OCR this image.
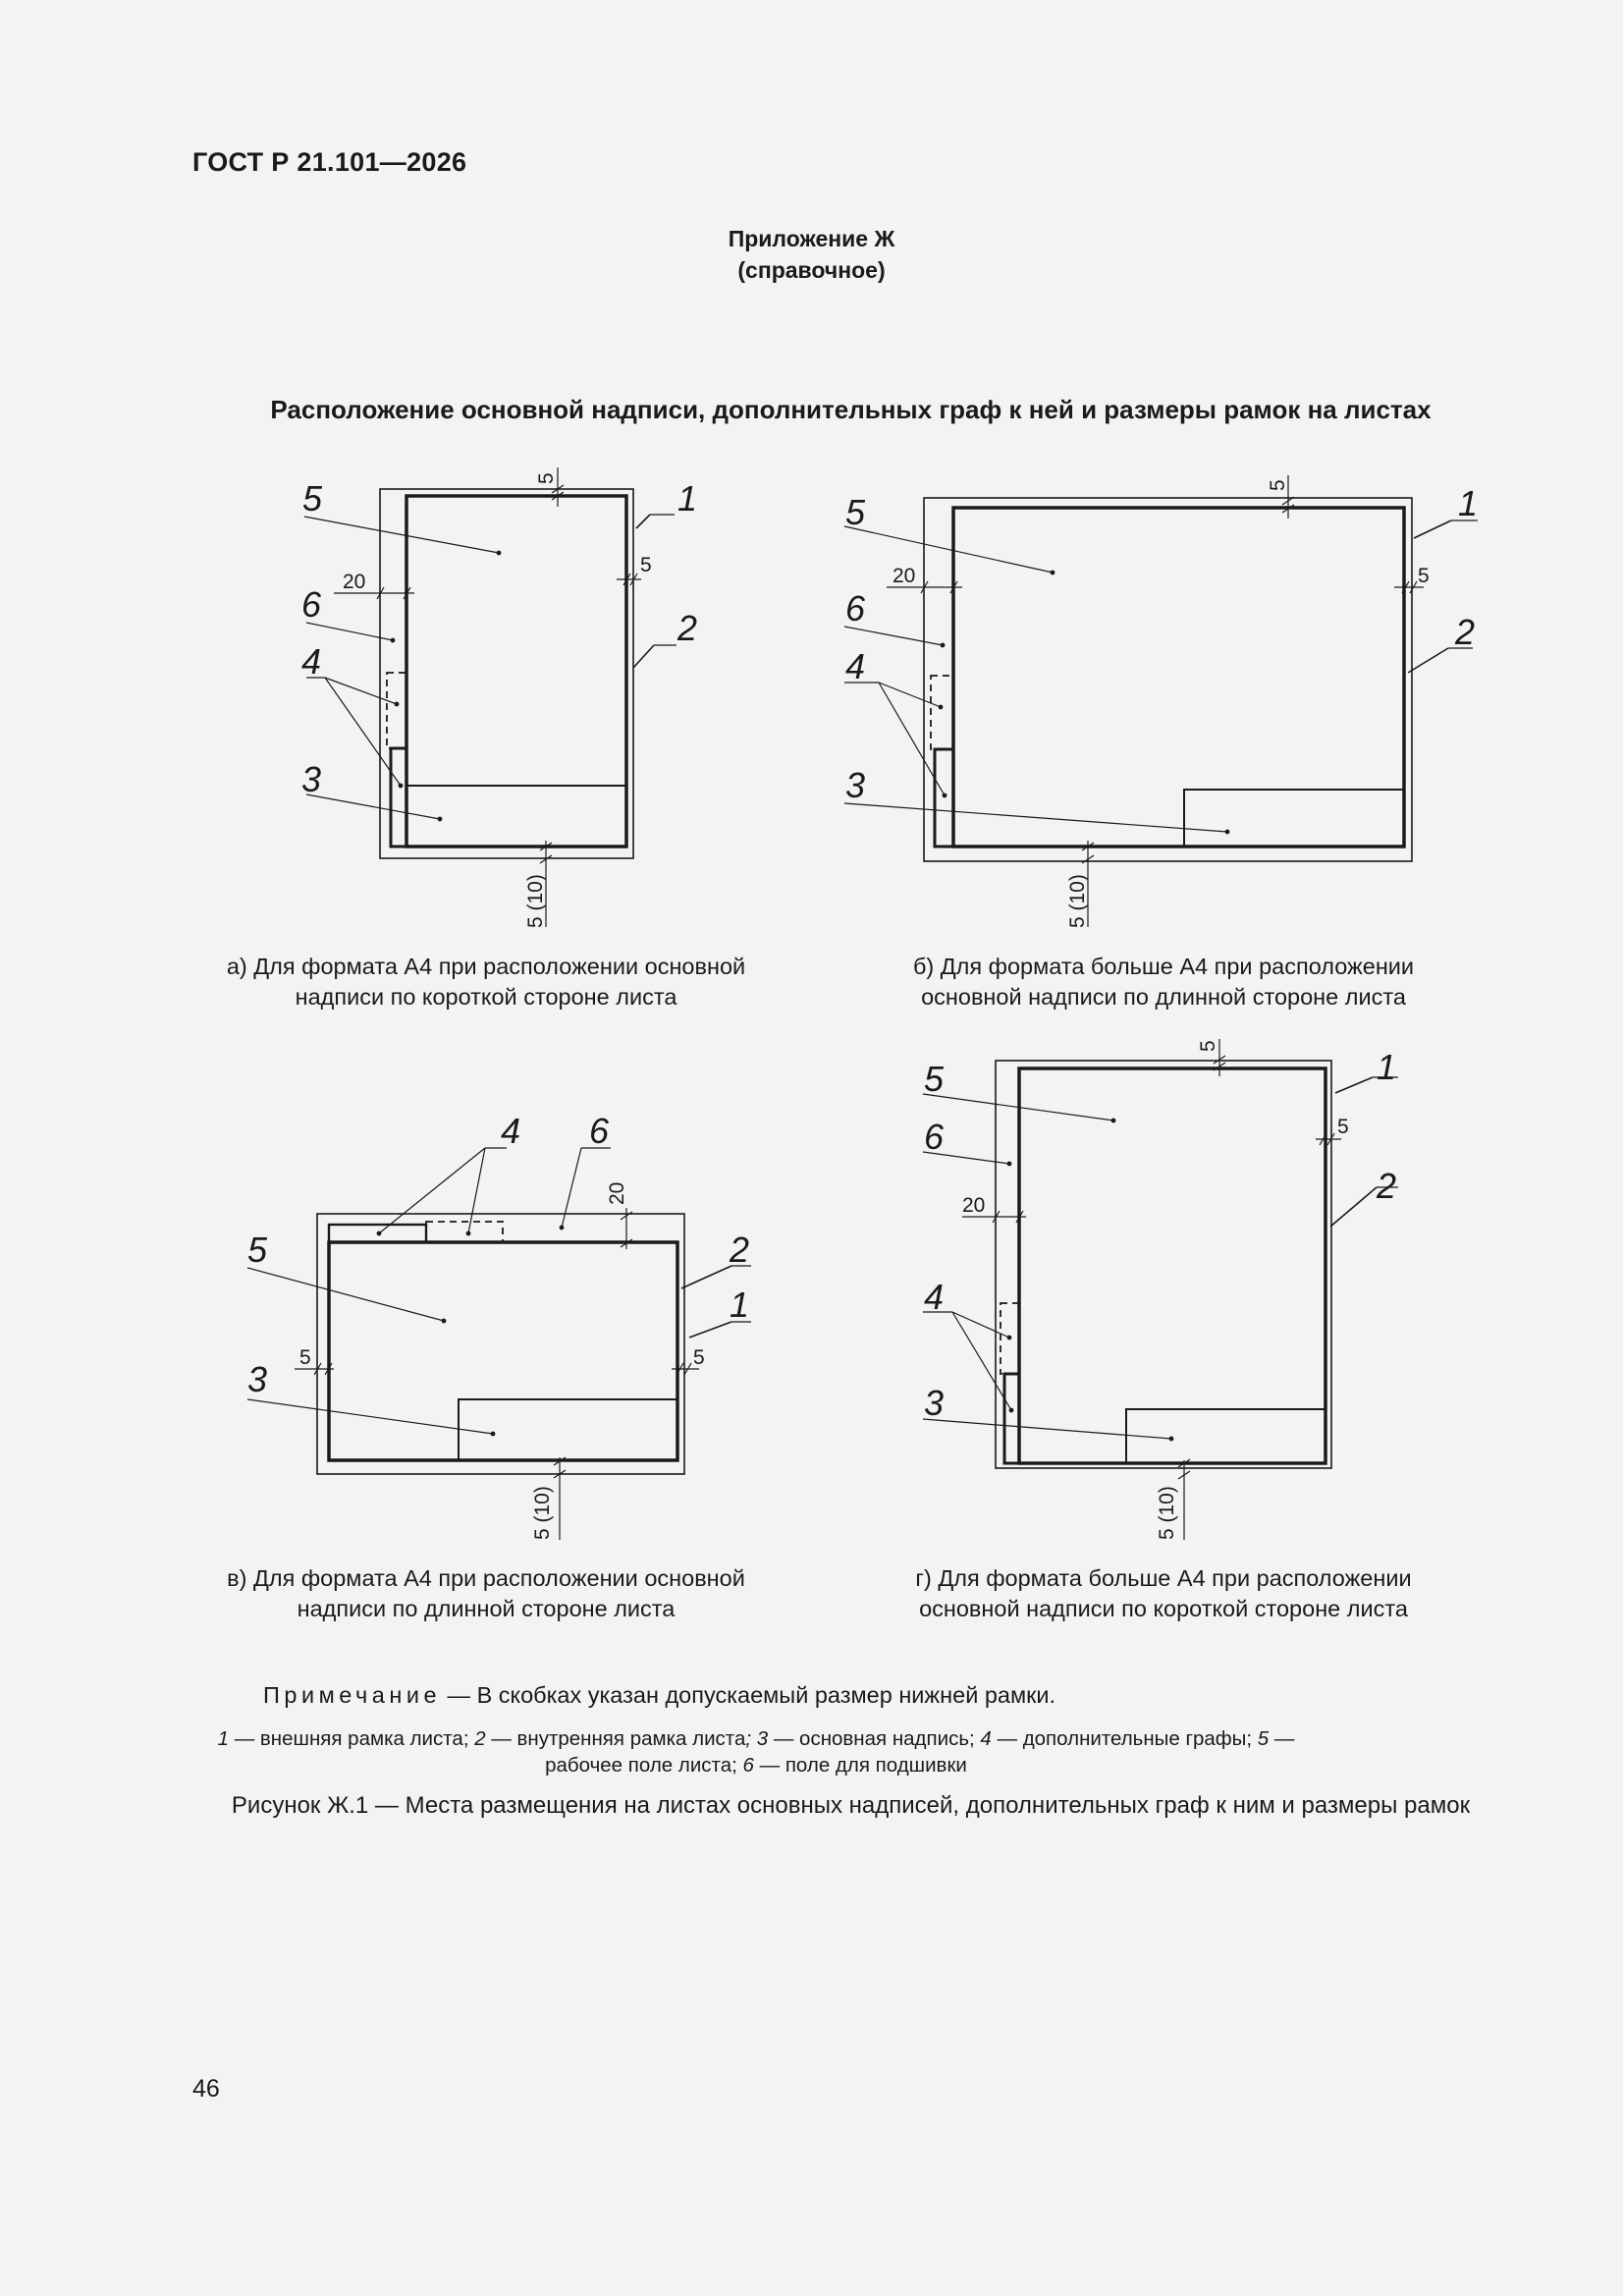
ГОСТ Р 21.101—2026
Приложение Ж
(справочное)
Расположение основной надписи, дополнительных граф к ней и размеры рамок на листах
5
6
4
3
1
2
20
5
5
5 (10)
5
6
4
3
1
2
20	5
5
5 (10)
5
3
4 6
2
1
5	5
20
5 (10)
5
6
4
3
1
2
20
5
5
5 (10)
а) Для формата А4 при расположении основной
надписи по короткой стороне листа
б) Для формата больше А4 при расположении
основной надписи по длинной стороне листа
в) Для формата А4 при расположении основной
надписи по длинной стороне листа
г) Для формата больше А4 при расположении
основной надписи по короткой стороне листа
Примечание — В скобках указан допускаемый размер нижней рамки.
1 — внешняя рамка листа; 2 — внутренняя рамка листа; 3 — основная надпись; 4 — дополнительные графы; 5 — рабочее поле листа; 6 — поле для подшивки
Рисунок Ж.1 — Места размещения на листах основных надписей, дополнительных граф к ним и размеры рамок
46
